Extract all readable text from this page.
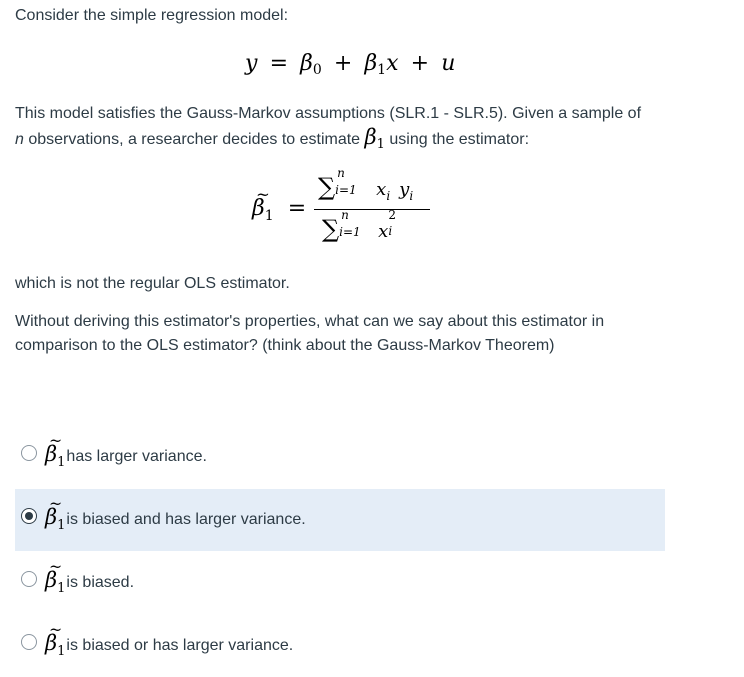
Consider the simple regression model:
y = β0 + β1x + u
This model satisfies the Gauss-Markov assumptions (SLR.1 - SLR.5). Given a sample of
n observations, a researcher decides to estimate $\beta_1$ using the estimator:
~
$\beta_1$ =
∑ n
i=1 $x_i$ $y_i$
∑ n
i=1 x
2
i
which is not the regular OLS estimator.
Without deriving this estimator's properties, what can we say about this estimator in
comparison to the OLS estimator? (think about the Gauss-Markov Theorem)
~
$\beta_1has$ larger variance.
~
$\beta_1is$ biased and has larger variance.
~
$\beta_1is$ biased.
~
$\beta_1is$ biased or has larger variance.
